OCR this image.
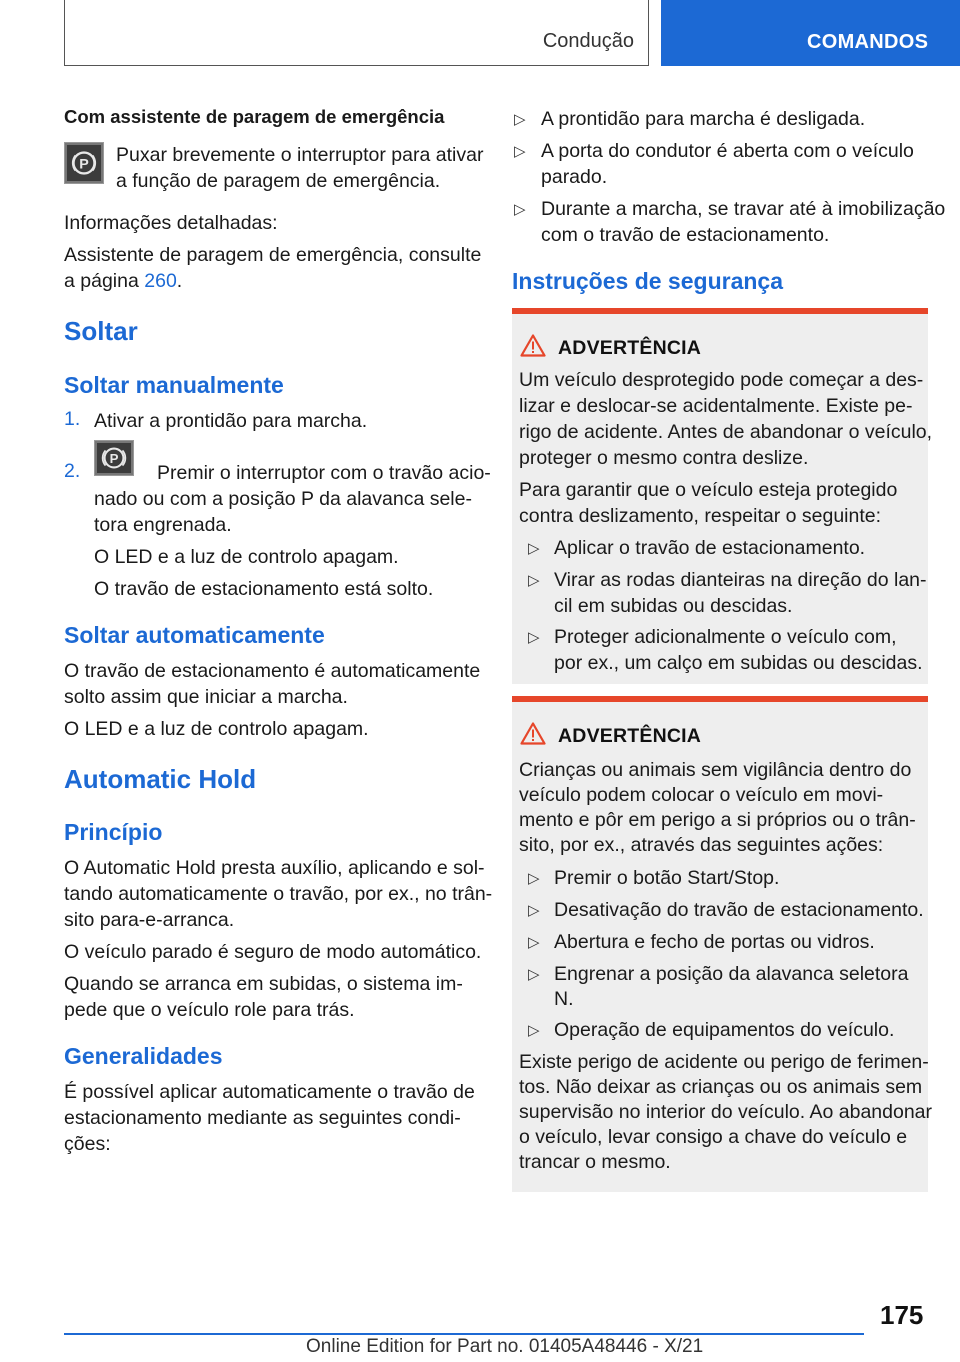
Condução	COMANDOS
Com assistente de paragem de emergência
P Puxar brevemente o interruptor para ativar
a função de paragem de emergência.
Informações detalhadas:
Assistente de paragem de emergência, consulte
a página 260.
Soltar
Soltar manualmente
1. Ativar a prontidão para marcha.
2.
P
Premir o interruptor com o travão acio-
nado ou com a posição P da alavanca sele-
tora engrenada.
O LED e a luz de controlo apagam.
O travão de estacionamento está solto.
Soltar automaticamente
O travão de estacionamento é automaticamente
solto assim que iniciar a marcha.
O LED e a luz de controlo apagam.
Automatic Hold
Princípio
O Automatic Hold presta auxílio, aplicando e sol-
tando automaticamente o travão, por ex., no trân-
sito para-e-arranca.
O veículo parado é seguro de modo automático.
Quando se arranca em subidas, o sistema im-
pede que o veículo role para trás.
Generalidades
É possível aplicar automaticamente o travão de
estacionamento mediante as seguintes condi-
ções:
▷ A prontidão para marcha é desligada.
▷ A porta do condutor é aberta com o veículo
parado.
▷ Durante a marcha, se travar até à imobilização
com o travão de estacionamento.
Instruções de segurança
ADVERTÊNCIA
Um veículo desprotegido pode começar a des-
lizar e deslocar-se acidentalmente. Existe pe-
rigo de acidente. Antes de abandonar o veículo,
proteger o mesmo contra deslize.
Para garantir que o veículo esteja protegido
contra deslizamento, respeitar o seguinte:
▷ Aplicar o travão de estacionamento.
▷ Virar as rodas dianteiras na direção do lan-
cil em subidas ou descidas.
▷ Proteger adicionalmente o veículo com,
por ex., um calço em subidas ou descidas.
ADVERTÊNCIA
Crianças ou animais sem vigilância dentro do
veículo podem colocar o veículo em movi-
mento e pôr em perigo a si próprios ou o trân-
sito, por ex., através das seguintes ações:
▷ Premir o botão Start/Stop.
▷ Desativação do travão de estacionamento.
▷ Abertura e fecho de portas ou vidros.
▷ Engrenar a posição da alavanca seletora
N.
▷ Operação de equipamentos do veículo.
Existe perigo de acidente ou perigo de ferimen-
tos. Não deixar as crianças ou os animais sem
supervisão no interior do veículo. Ao abandonar
o veículo, levar consigo a chave do veículo e
trancar o mesmo.
175
Online Edition for Part no. 01405A48446 - X/21
